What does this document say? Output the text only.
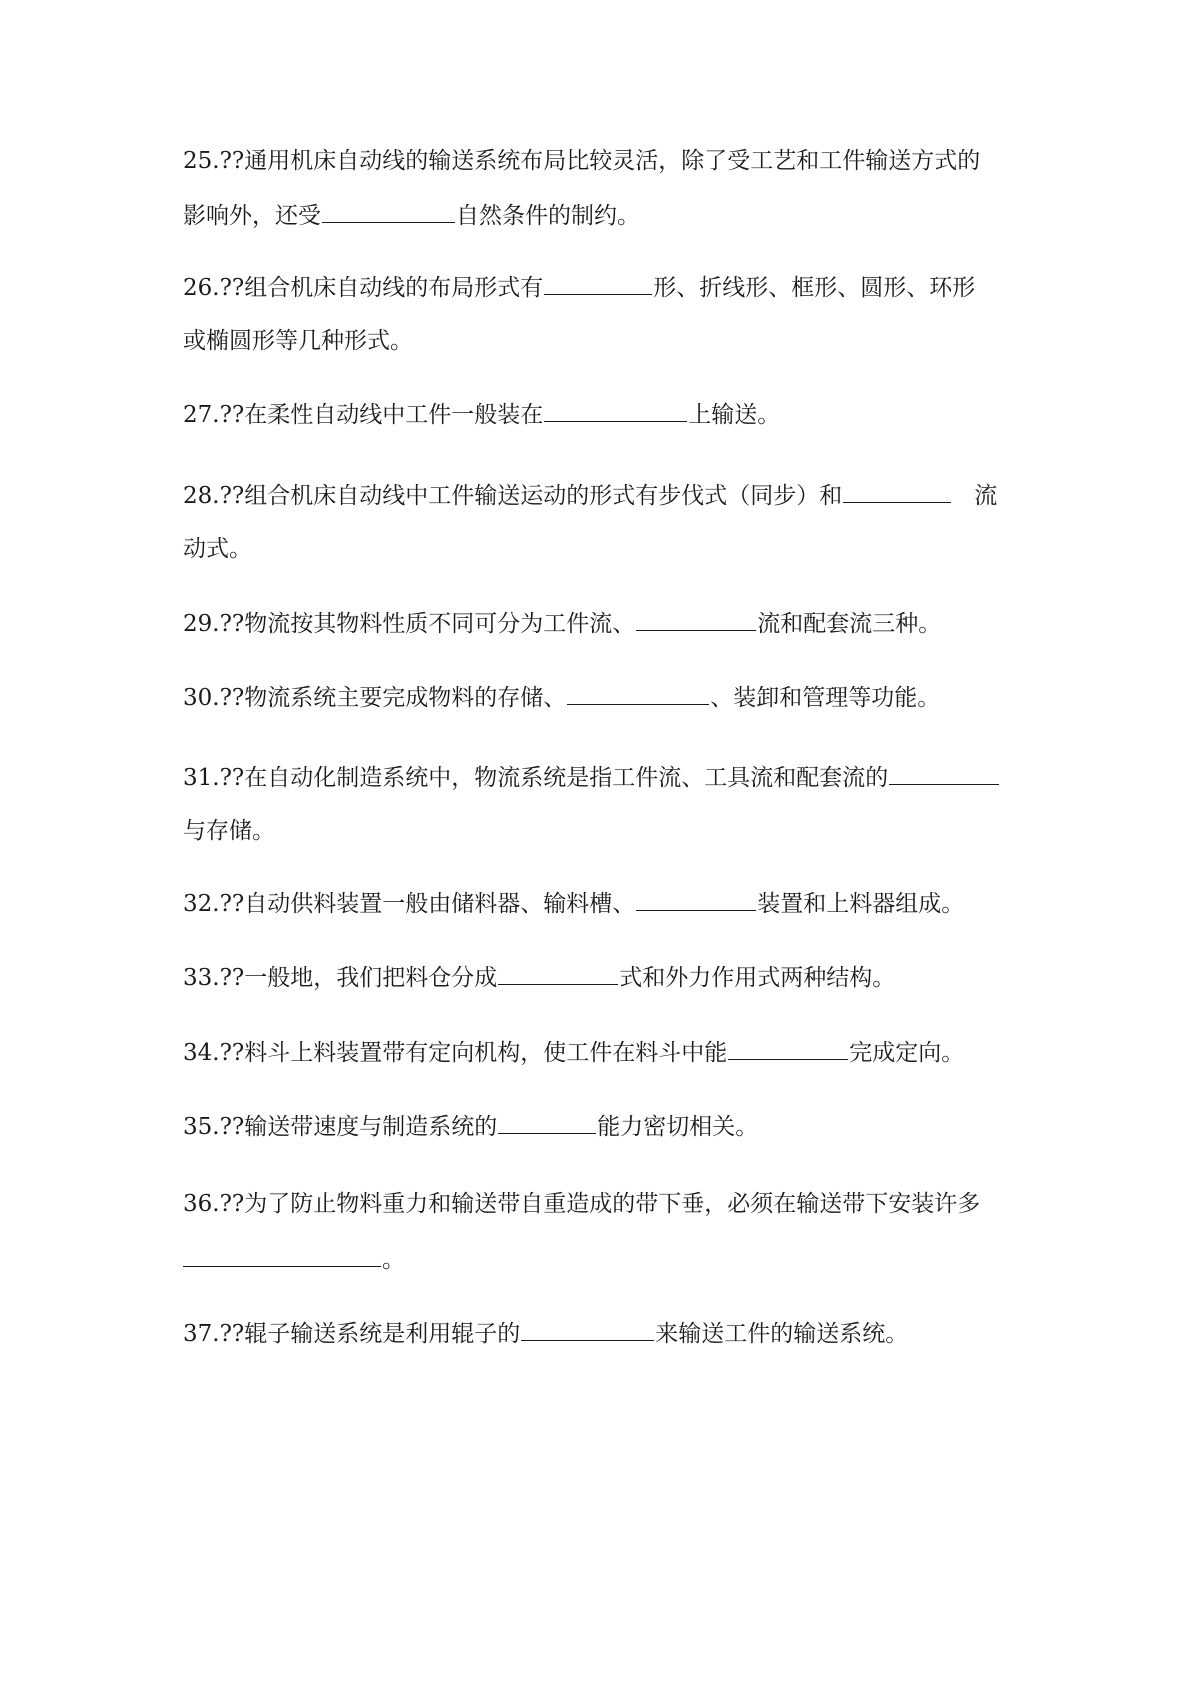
25.??通用机床自动线的输送系统布局比较灵活，除了受工艺和工件输送方式的
影响外，还受	自然条件的制约。
26.??组合机床自动线的布局形式有	形、折线形、框形、圆形、环形
或椭圆形等几种形式。
27.??在柔性自动线中工件一般装在	上输送。
28.??组合机床自动线中工件输送运动的形式有步伐式（同步）和	流
动式。
29.??物流按其物料性质不同可分为工件流、	流和配套流三种。
30.??物流系统主要完成物料的存储、	、装卸和管理等功能。
31.??在自动化制造系统中，物流系统是指工件流、工具流和配套流的
与存储。
32.??自动供料装置一般由储料器、输料槽、	装置和上料器组成。
33.??一般地，我们把料仓分成	式和外力作用式两种结构。
34.??料斗上料装置带有定向机构，使工件在料斗中能	完成定向。
35.??输送带速度与制造系统的	能力密切相关。
36.??为了防止物料重力和输送带自重造成的带下垂，必须在输送带下安装许多
。
37.??辊子输送系统是利用辊子的	来输送工件的输送系统。
